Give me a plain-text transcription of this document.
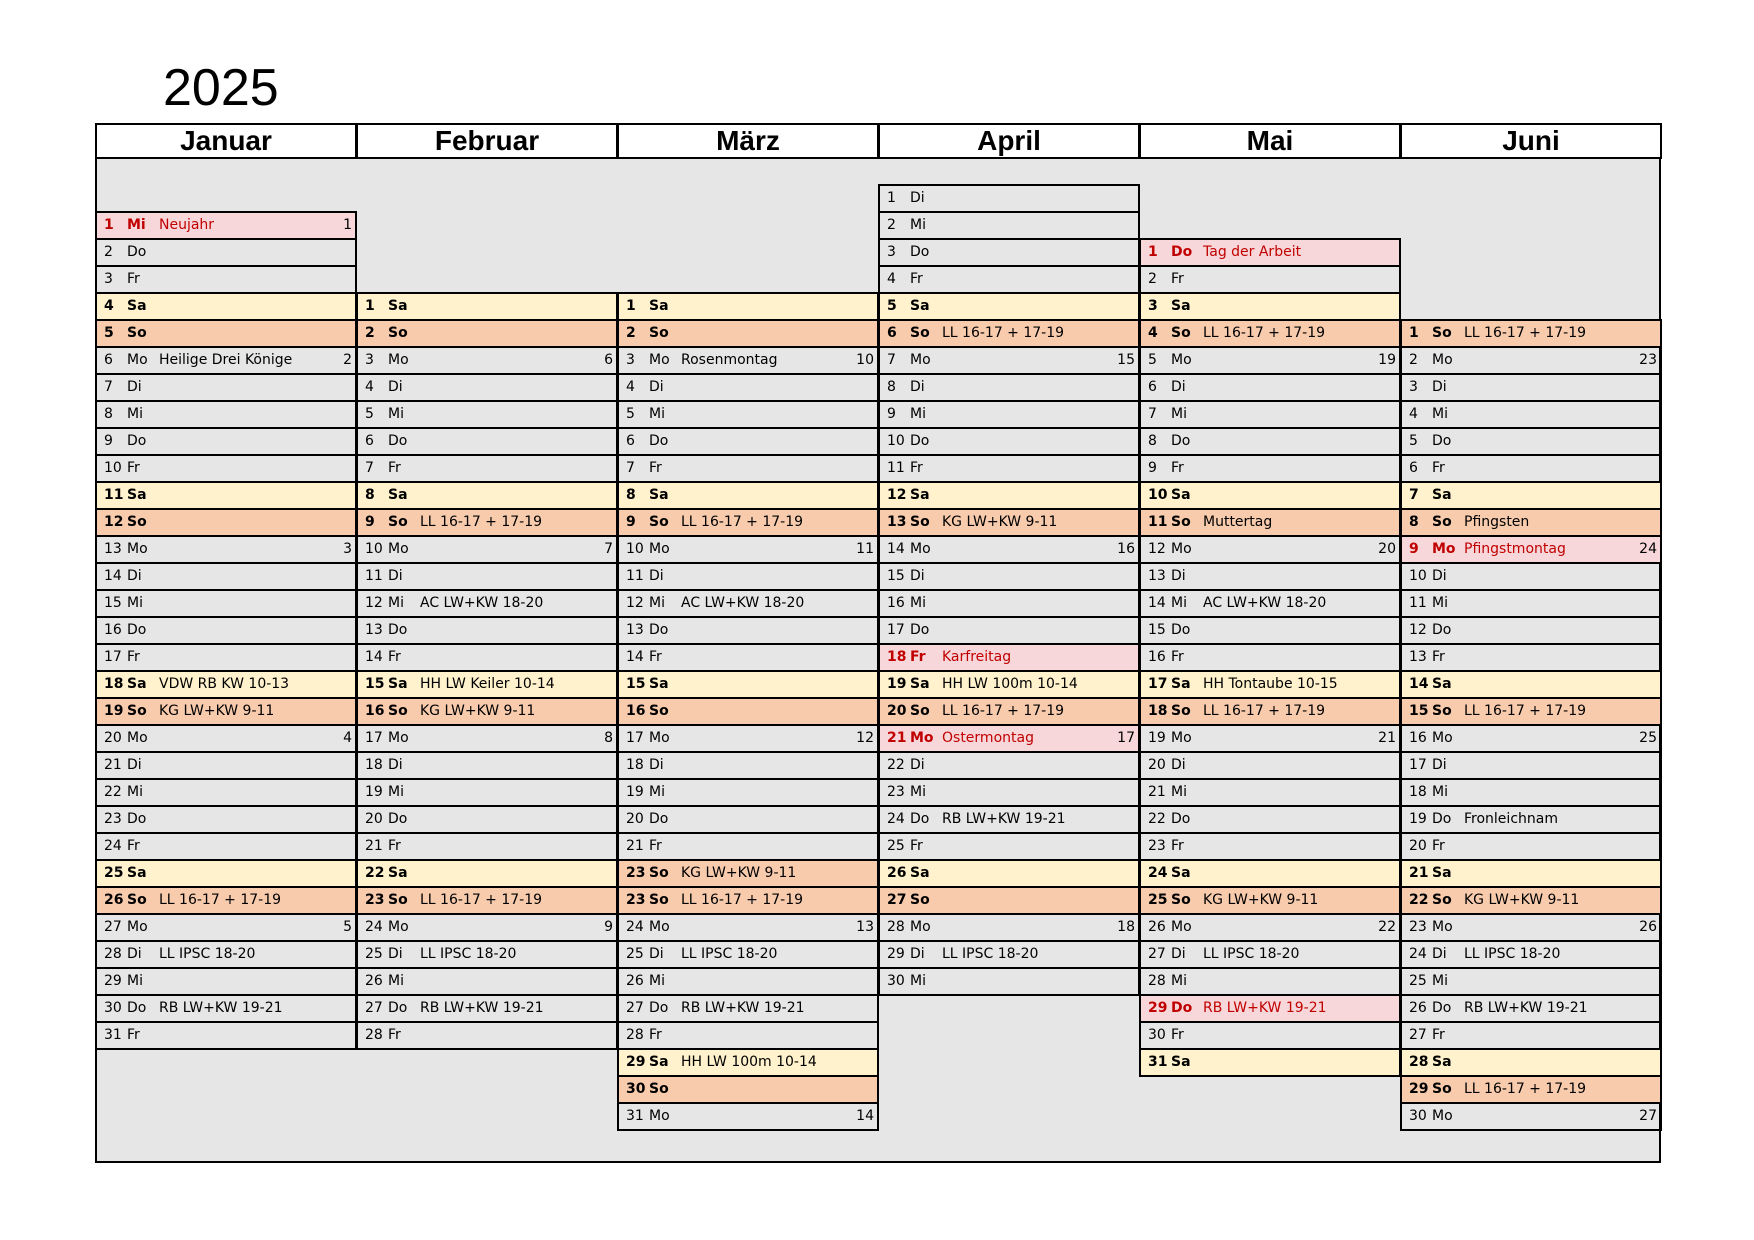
2025
Januar
1 Mi Neujahr	1
2 Do
3 Fr
4 Sa
5 So
6 Mo Heilige Drei Könige	2
7 Di
8 Mi
9 Do
10 Fr
11 Sa
12 So
13 Mo	3
14 Di
15 Mi
16 Do
17 Fr
18 Sa VDW RB KW 10-13
19 So KG LW+KW 9-11
20 Mo	4
21 Di
22 Mi
23 Do
24 Fr
25 Sa
26 So LL 16-17 + 17-19
27 Mo	5
28 Di LL IPSC 18-20
29 Mi
30 Do RB LW+KW 19-21
31 Fr
Februar
1 Sa
2 So
3 Mo	6
4 Di
5 Mi
6 Do
7 Fr
8 Sa
9 So LL 16-17 + 17-19
10 Mo	7
11 Di
12 Mi AC LW+KW 18-20
13 Do
14 Fr
15 Sa HH LW Keiler 10-14
16 So KG LW+KW 9-11
17 Mo	8
18 Di
19 Mi
20 Do
21 Fr
22 Sa
23 So LL 16-17 + 17-19
24 Mo	9
25 Di LL IPSC 18-20
26 Mi
27 Do RB LW+KW 19-21
28 Fr
März
1 Sa
2 So
3 Mo Rosenmontag	10
4 Di
5 Mi
6 Do
7 Fr
8 Sa
9 So LL 16-17 + 17-19
10 Mo	11
11 Di
12 Mi AC LW+KW 18-20
13 Do
14 Fr
15 Sa
16 So
17 Mo	12
18 Di
19 Mi
20 Do
21 Fr
23 So KG LW+KW 9-11
23 So LL 16-17 + 17-19
24 Mo	13
25 Di LL IPSC 18-20
26 Mi
27 Do RB LW+KW 19-21
28 Fr
29 Sa HH LW 100m 10-14
30 So
31 Mo	14
April
1 Di
2 Mi
3 Do
4 Fr
5 Sa
6 So LL 16-17 + 17-19
7 Mo	15
8 Di
9 Mi
10 Do
11 Fr
12 Sa
13 So KG LW+KW 9-11
14 Mo	16
15 Di
16 Mi
17 Do
18 Fr Karfreitag
19 Sa HH LW 100m 10-14
20 So LL 16-17 + 17-19
21 Mo Ostermontag	17
22 Di
23 Mi
24 Do RB LW+KW 19-21
25 Fr
26 Sa
27 So
28 Mo	18
29 Di LL IPSC 18-20
30 Mi
Mai
1 Do Tag der Arbeit
2 Fr
3 Sa
4 So LL 16-17 + 17-19
5 Mo	19
6 Di
7 Mi
8 Do
9 Fr
10 Sa
11 So Muttertag
12 Mo	20
13 Di
14 Mi AC LW+KW 18-20
15 Do
16 Fr
17 Sa HH Tontaube 10-15
18 So LL 16-17 + 17-19
19 Mo	21
20 Di
21 Mi
22 Do
23 Fr
24 Sa
25 So KG LW+KW 9-11
26 Mo	22
27 Di LL IPSC 18-20
28 Mi
29 Do RB LW+KW 19-21
30 Fr
31 Sa
Juni
1 So LL 16-17 + 17-19
2 Mo	23
3 Di
4 Mi
5 Do
6 Fr
7 Sa
8 So Pfingsten
9 Mo Pfingstmontag	24
10 Di
11 Mi
12 Do
13 Fr
14 Sa
15 So LL 16-17 + 17-19
16 Mo	25
17 Di
18 Mi
19 Do Fronleichnam
20 Fr
21 Sa
22 So KG LW+KW 9-11
23 Mo	26
24 Di LL IPSC 18-20
25 Mi
26 Do RB LW+KW 19-21
27 Fr
28 Sa
29 So LL 16-17 + 17-19
30 Mo	27
